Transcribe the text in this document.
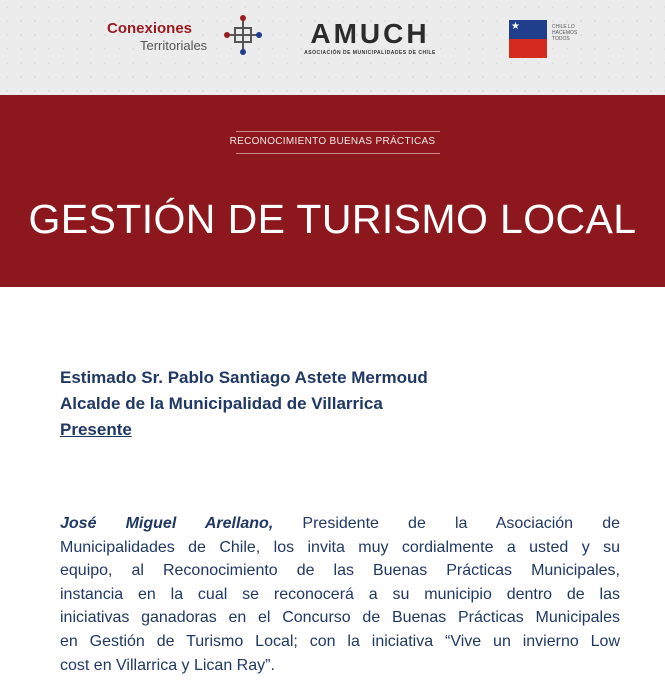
Conexiones
Territoriales	AMUCH
ASOCIACIÓN DE MUNICIPALIDADES DE CHILE
★	CHILE LO HACEMOS TODOS
RECONOCIMIENTO BUENAS PRÁCTICAS
GESTIÓN DE TURISMO LOCAL
Estimado Sr. Pablo Santiago Astete Mermoud
Alcalde de la Municipalidad de Villarrica
Presente
José Miguel Arellano, Presidente de la Asociación de
Municipalidades de Chile, los invita muy cordialmente a usted y su
equipo, al Reconocimiento de las Buenas Prácticas Municipales,
instancia en la cual se reconocerá a su municipio dentro de las
iniciativas ganadoras en el Concurso de Buenas Prácticas Municipales
en Gestión de Turismo Local; con la iniciativa “Vive un invierno Low
cost en Villarrica y Lican Ray”.
